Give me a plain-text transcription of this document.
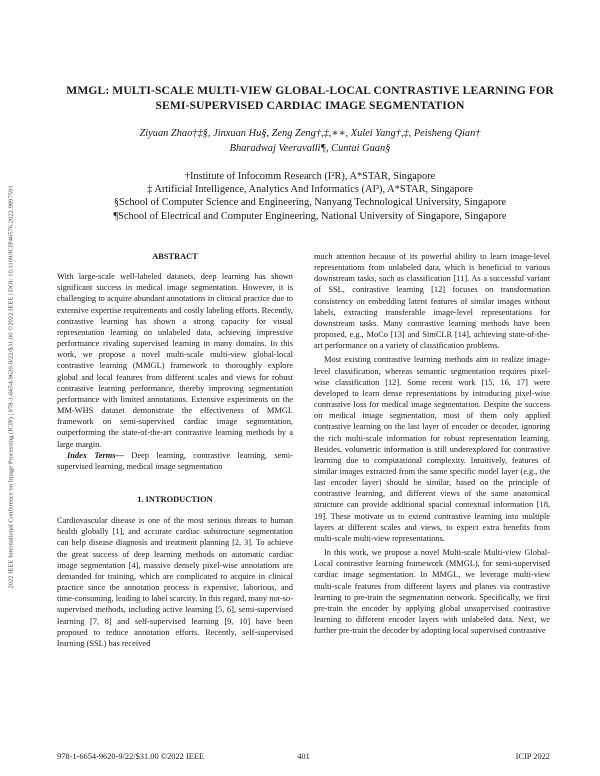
2022 IEEE International Conference on Image Processing (ICIP) | 978-1-6654-9620-9/22/$31.00 ©2022 IEEE | DOI: 10.1109/ICIP46576.2022.9897591
MMGL: MULTI-SCALE MULTI-VIEW GLOBAL-LOCAL CONTRASTIVE LEARNING FOR
SEMI-SUPERVISED CARDIAC IMAGE SEGMENTATION
Ziyuan Zhao†‡§, Jinxuan Hu§, Zeng Zeng†,‡,∗∗, Xulei Yang†,‡, Peisheng Qian†
Bharadwaj Veeravalli¶, Cuntai Guan§
†Institute of Infocomm Research (I²R), A*STAR, Singapore
‡ Artificial Intelligence, Analytics And Informatics (AI³), A*STAR, Singapore
§School of Computer Science and Engineering, Nanyang Technological University, Singapore
¶School of Electrical and Computer Engineering, National University of Singapore, Singapore
ABSTRACT

With large-scale well-labeled datasets, deep learning has shown significant success in medical image segmentation. However, it is challenging to acquire abundant annotations in clinical practice due to extensive expertise requirements and costly labeling efforts. Recently, contrastive learning has shown a strong capacity for visual representation learning on unlabeled data, achieving impressive performance rivaling supervised learning in many domains. In this work, we propose a novel multi-scale multi-view global-local contrastive learning (MMGL) framework to thoroughly explore global and local features from different scales and views for robust contrastive learning performance, thereby improving segmentation performance with limited annotations. Extensive experiments on the MM-WHS dataset demonstrate the effectiveness of MMGL framework on semi-supervised cardiac image segmentation, outperforming the state-of-the-art contrastive learning methods by a large margin.

Index Terms— Deep learning, contrastive learning, semi-supervised learning, medical image segmentation

1. INTRODUCTION

Cardiovascular disease is one of the most serious threats to human health globally [1], and accurate cardiac substructure segmentation can help disease diagnosis and treatment planning [2, 3]. To achieve the great success of deep learning methods on automatic cardiac image segmentation [4], massive densely pixel-wise annotations are demanded for training, which are complicated to acquire in clinical practice since the annotation process is expensive, laborious, and time-consuming, leading to label scarcity. In this regard, many not-so-supervised methods, including active learning [5, 6], semi-supervised learning [7, 8] and self-supervised learning [9, 10] have been proposed to reduce annotation efforts. Recently, self-supervised learning (SSL) has received

much attention because of its powerful ability to learn image-level representations from unlabeled data, which is beneficial to various downstream tasks, such as classification [11]. As a successful variant of SSL, contrastive learning [12] focuses on transformation consistency on embedding latent features of similar images without labels, extracting transferable image-level representations for downstream tasks. Many contrastive learning methods have been proposed, e.g., MoCo [13] and SimCLR [14], achieving state-of-the-art performance on a variety of classification problems.

Most existing contrastive learning methods aim to realize image-level classification, whereas semantic segmentation requires pixel-wise classification [12]. Some recent work [15, 16, 17] were developed to learn dense representations by introducing pixel-wise contrastive loss for medical image segmentation. Despite the success on medical image segmentation, most of them only applied contrastive learning on the last layer of encoder or decoder, ignoring the rich multi-scale information for robust representation learning. Besides, volumetric information is still underexplored for contrastive learning due to computational complexity. Intuitively, features of similar images extracted from the same specific model layer (e.g., the last encoder layer) should be similar, based on the principle of contrastive learning, and different views of the same anatomical structure can provide additional spacial contextual information [18, 19]. These motivate us to extend contrastive learning into multiple layers at different scales and views, to expect extra benefits from multi-scale multi-view representations.

In this work, we propose a novel Multi-scale Multi-view Global-Local contrastive learning framework (MMGL), for semi-supervised cardiac image segmentation. In MMGL, we leverage multi-view multi-scale features from different layers and planes via contrastive learning to pre-train the segmentation network. Specifically, we first pre-train the encoder by applying global unsupervised contrastive learning to different encoder layers with unlabeled data. Next, we further pre-train the decoder by adopting local supervised contrastive

978-1-6654-9620-9/22/$31.00 ©2022 IEEE	401	ICIP 2022
